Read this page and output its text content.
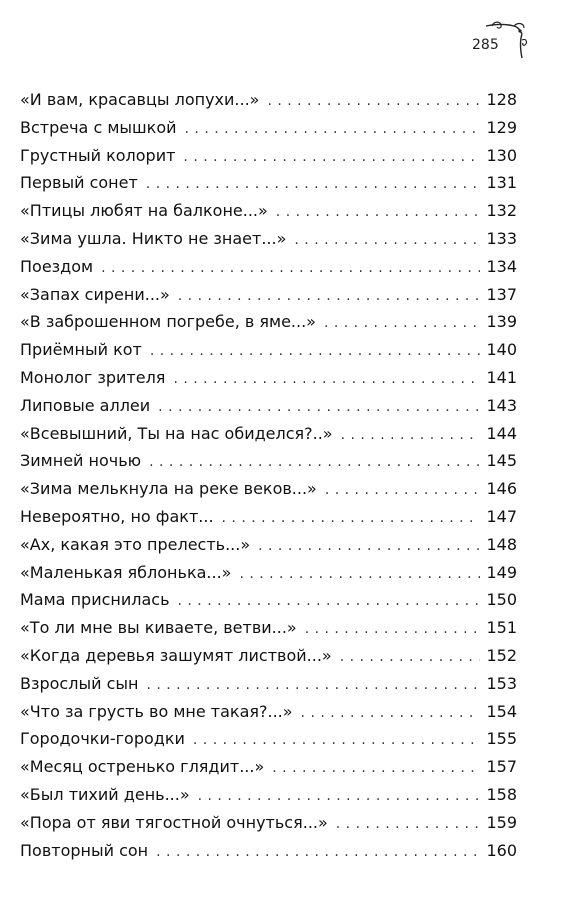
285
«И вам, красавцы лопухи...» . . .	128
Встреча с мышкой . . .	129
Грустный колорит . . .	130
Первый сонет . . .	131
«Птицы любят на балконе...» . . .	132
«Зима ушла. Никто не знает...» . . .	133
Поездом . . .	134
«Запах сирени...» . . .	137
«В заброшенном погребе, в яме...» . . .	139
Приёмный кот . . .	140
Монолог зрителя . . .	141
Липовые аллеи . . .	143
«Всевышний, Ты на нас обиделся?..» . . .	144
Зимней ночью . . .	145
«Зима мелькнула на реке веков...» . . .	146
Невероятно, но факт... . . .	147
«Ах, какая это прелесть...» . . .	148
«Маленькая яблонька...» . . .	149
Мама приснилась . . .	150
«То ли мне вы киваете, ветви...» . . .	151
«Когда деревья зашумят листвой...» . . .	152
Взрослый сын . . .	153
«Что за грусть во мне такая?...» . . .	154
Городочки-городки . . .	155
«Месяц остренько глядит...» . . .	157
«Был тихий день...» . . .	158
«Пора от яви тягостной очнуться...» . . .	159
Повторный сон . . .	160
